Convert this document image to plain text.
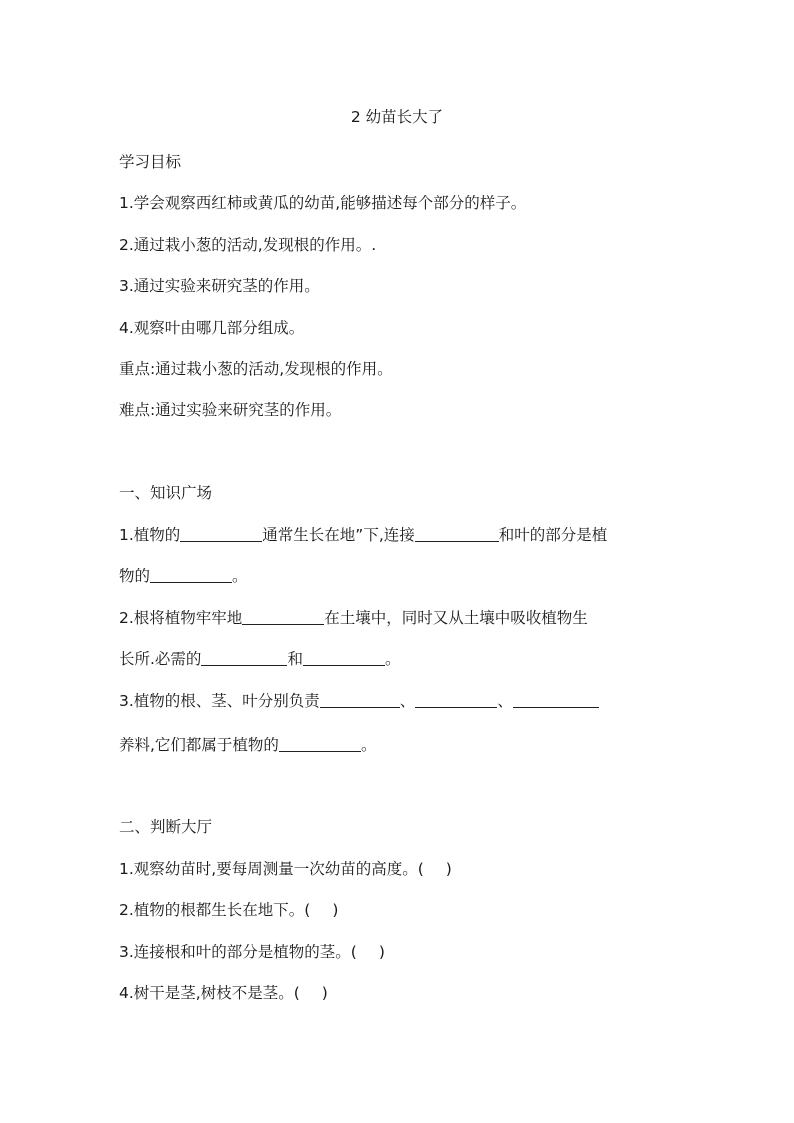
2 幼苗长大了
学习目标
1.学会观察西红柿或黄瓜的幼苗,能够描述每个部分的样子。
2.通过栽小葱的活动,发现根的作用。.
3.通过实验来研究茎的作用。
4.观察叶由哪几部分组成。
重点:通过栽小葱的活动,发现根的作用。
难点:通过实验来研究茎的作用。
一、知识广场
1.植物的	通常生长在地”下,连接	和叶的部分是植
物的	。
2.根将植物牢牢地	在土壤中，同时又从土壤中吸收植物生
长所.必需的	和	。
3.植物的根、茎、叶分别负责	、	、
养料,它们都属于植物的	。
二、判断大厅
1.观察幼苗时,要每周测量一次幼苗的高度。( )
2.植物的根都生长在地下。( )
3.连接根和叶的部分是植物的茎。( )
4.树干是茎,树枝不是茎。( )
